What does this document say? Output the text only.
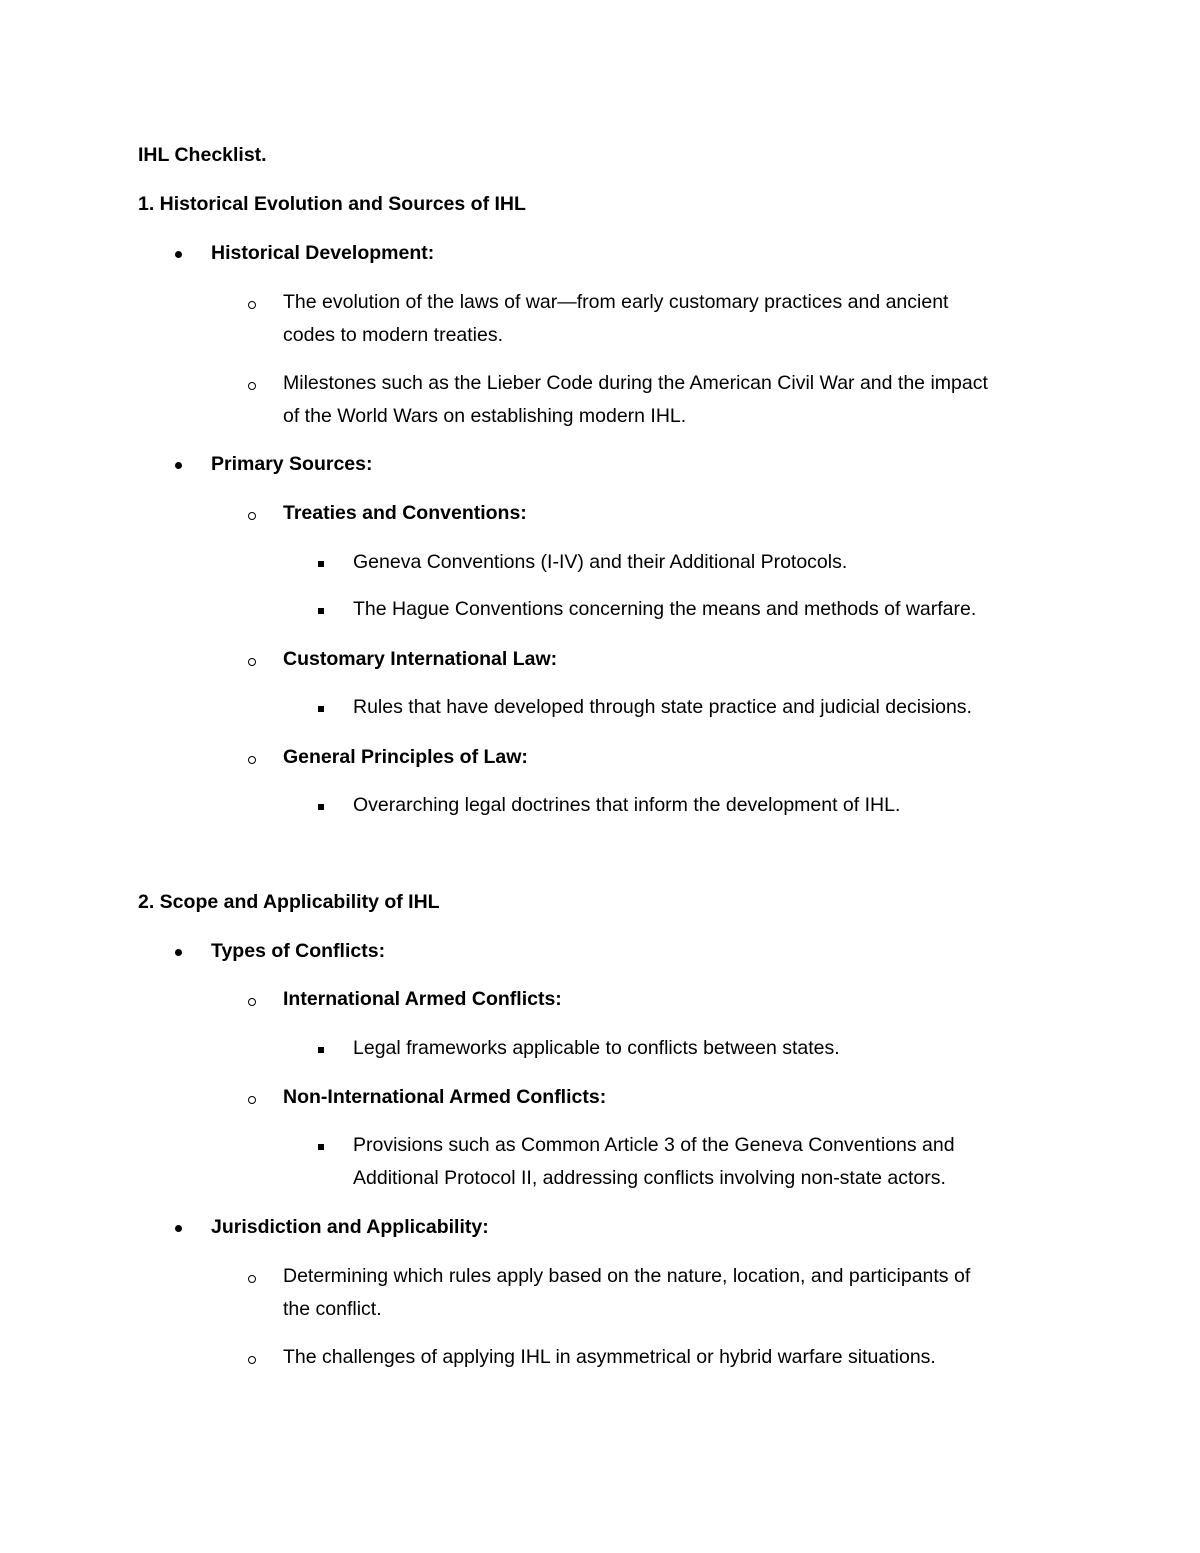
IHL Checklist.

1. Historical Evolution and Sources of IHL

Historical Development:

The evolution of the laws of war—from early customary practices and ancient

codes to modern treaties.

Milestones such as the Lieber Code during the American Civil War and the impact

of the World Wars on establishing modern IHL.

Primary Sources:

Treaties and Conventions:

Geneva Conventions (I-IV) and their Additional Protocols.

The Hague Conventions concerning the means and methods of warfare.

Customary International Law:

Rules that have developed through state practice and judicial decisions.

General Principles of Law:

Overarching legal doctrines that inform the development of IHL.

2. Scope and Applicability of IHL

Types of Conflicts:

International Armed Conflicts:

Legal frameworks applicable to conflicts between states.

Non-International Armed Conflicts:

Provisions such as Common Article 3 of the Geneva Conventions and

Additional Protocol II, addressing conflicts involving non-state actors.

Jurisdiction and Applicability:

Determining which rules apply based on the nature, location, and participants of

the conflict.

The challenges of applying IHL in asymmetrical or hybrid warfare situations.
